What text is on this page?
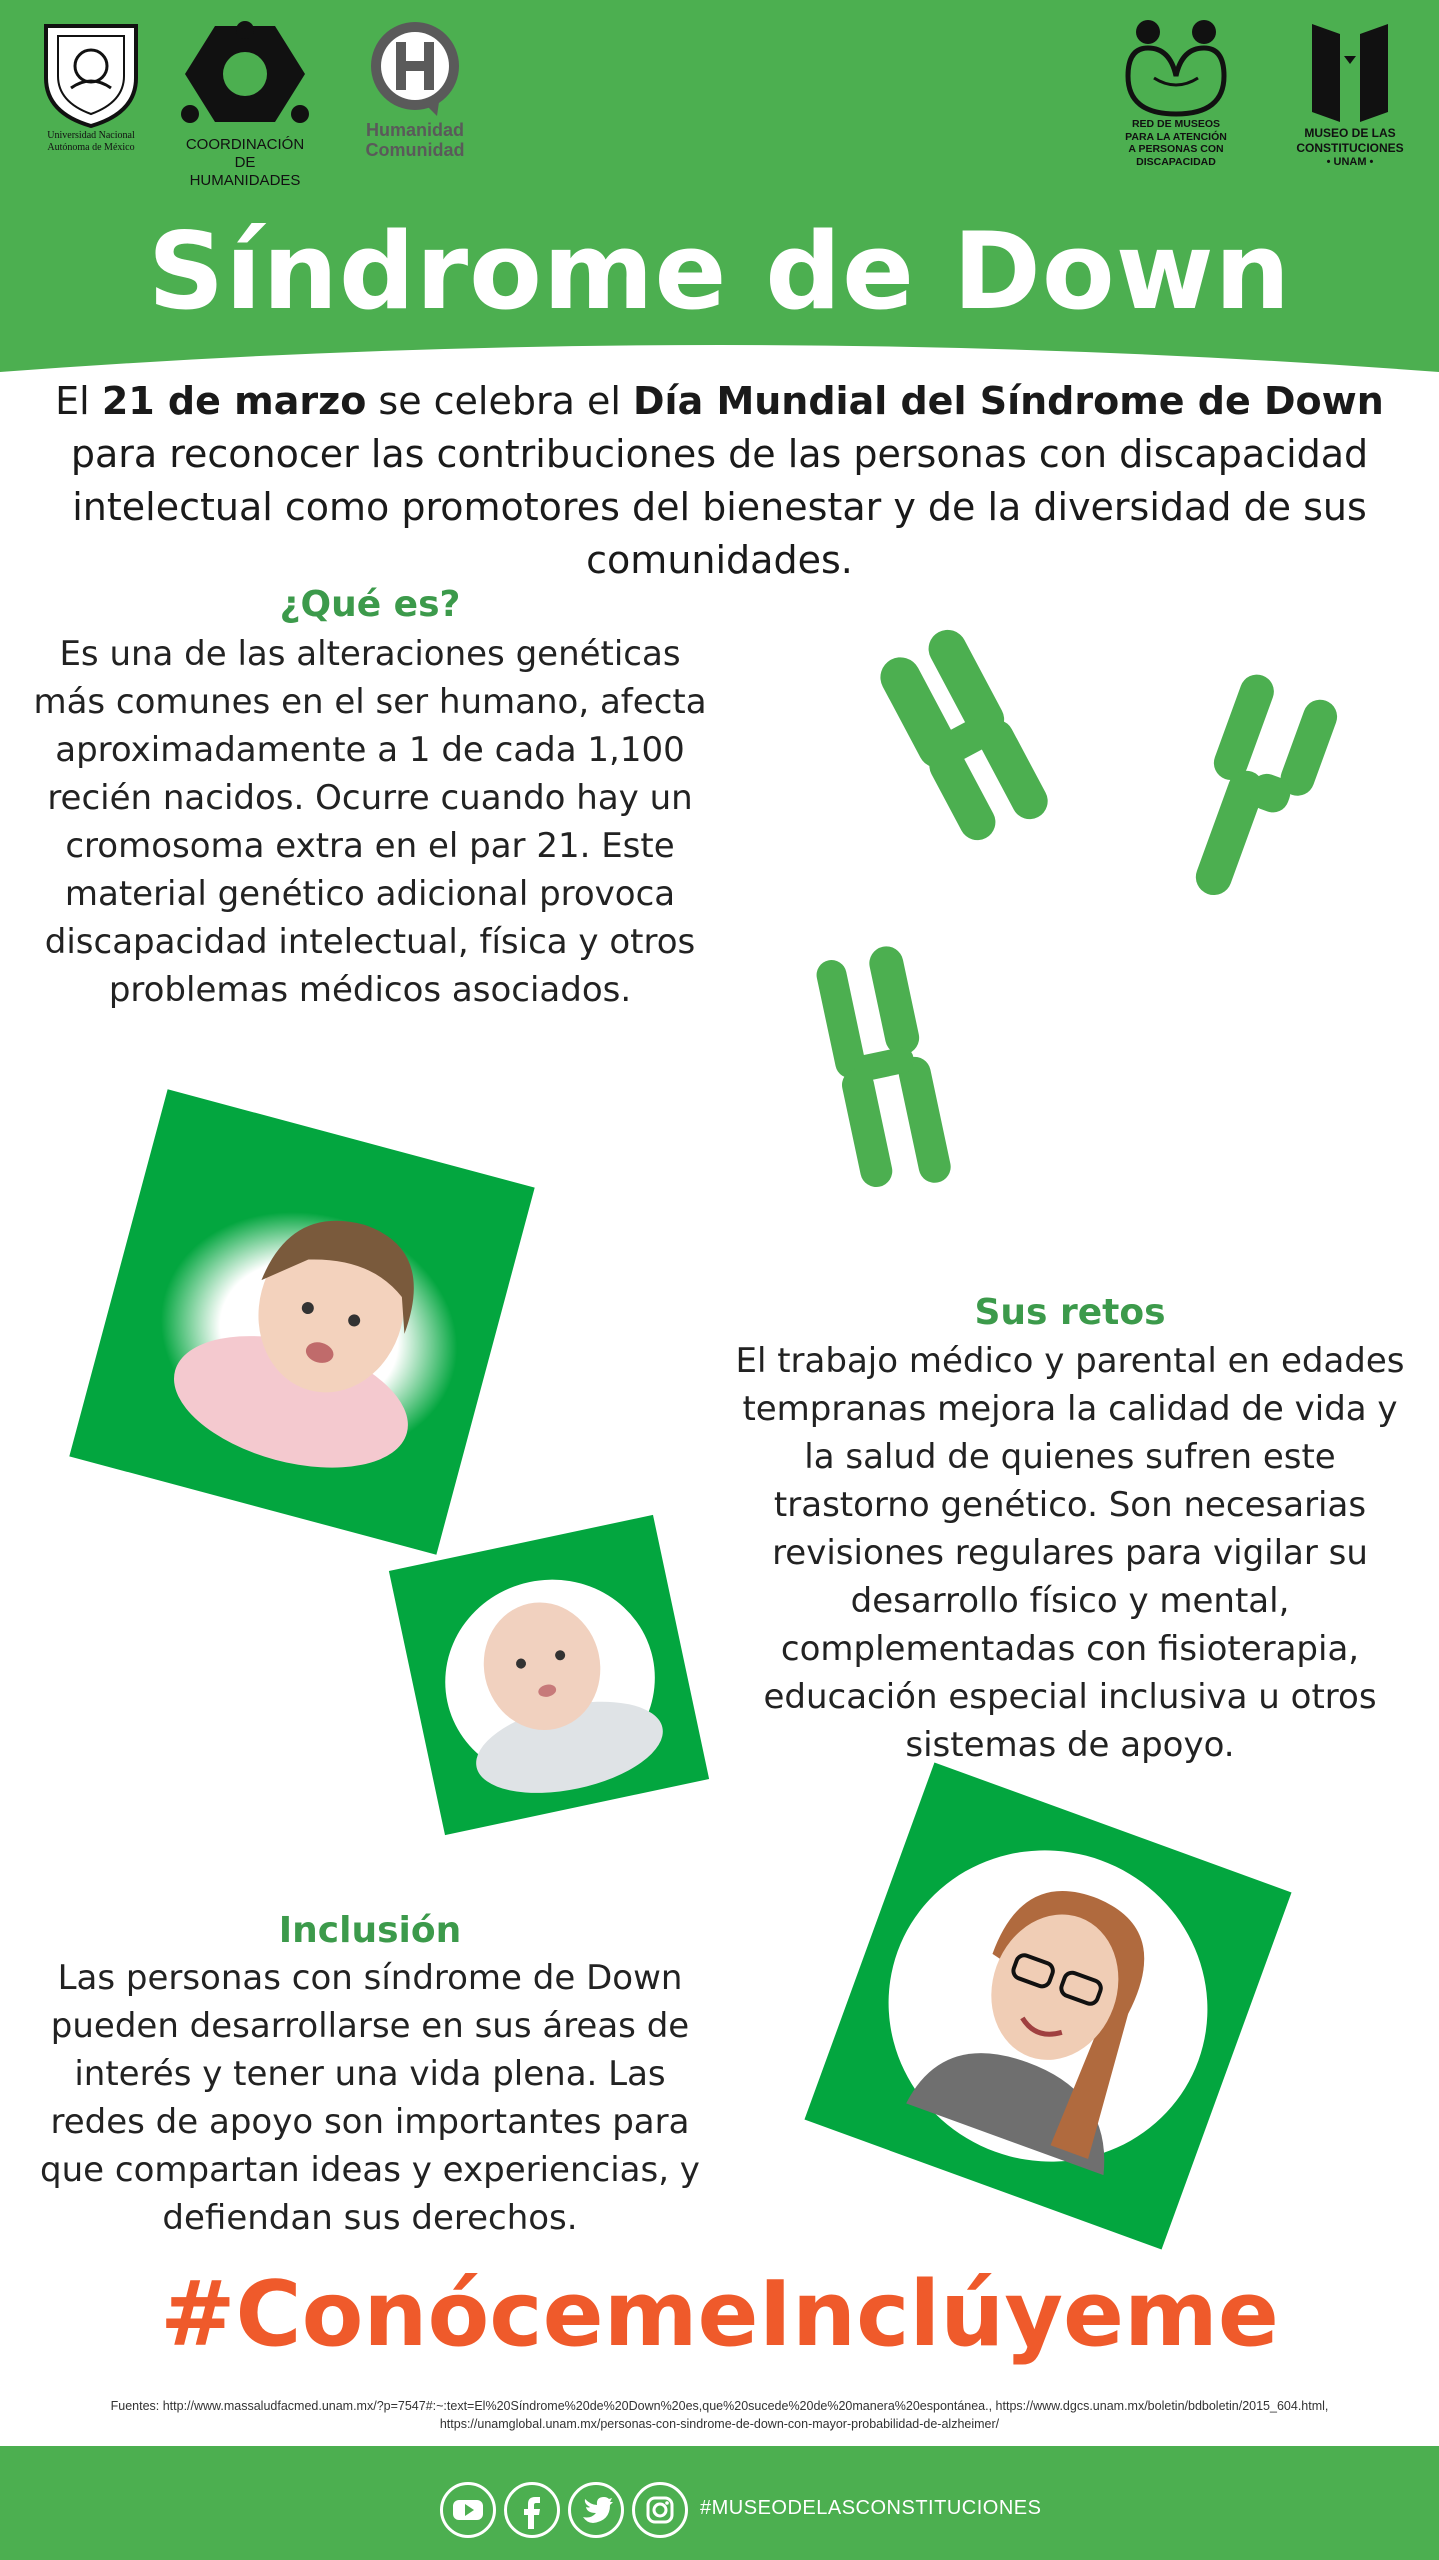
Universidad Nacional Autónoma de México	COORDINACIÓN DE HUMANIDADES
Humanidad
Comunidad
RED DE MUSEOS PARA LA ATENCIÓN A PERSONAS CON DISCAPACIDAD
MUSEO DE LAS
CONSTITUCIONES
• UNAM •
Síndrome de Down

El 21 de marzo se celebra el Día Mundial del Síndrome de Down para reconocer las contribuciones de las personas con discapacidad intelectual como promotores del bienestar y de la diversidad de sus comunidades.

¿Qué es?
Es una de las alteraciones genéticas más comunes en el ser humano, afecta aproximadamente a 1 de cada 1,100 recién nacidos. Ocurre cuando hay un cromosoma extra en el par 21. Este material genético adicional provoca discapacidad intelectual, física y otros problemas médicos asociados.
Sus retos
El trabajo médico y parental en edades tempranas mejora la calidad de vida y la salud de quienes sufren este trastorno genético. Son necesarias revisiones regulares para vigilar su desarrollo físico y mental, complementadas con fisioterapia, educación especial inclusiva u otros sistemas de apoyo.
Inclusión
Las personas con síndrome de Down pueden desarrollarse en sus áreas de interés y tener una vida plena. Las redes de apoyo son importantes para que compartan ideas y experiencias, y defiendan sus derechos.
#ConócemeInclúyeme
Fuentes: http://www.massaludfacmed.unam.mx/?p=7547#:~:text=El%20Síndrome%20de%20Down%20es,que%20sucede%20de%20manera%20espontánea., https://www.dgcs.unam.mx/boletin/bdboletin/2015_604.html, https://unamglobal.unam.mx/personas-con-sindrome-de-down-con-mayor-probabilidad-de-alzheimer/
#MUSEODELASCONSTITUCIONES
